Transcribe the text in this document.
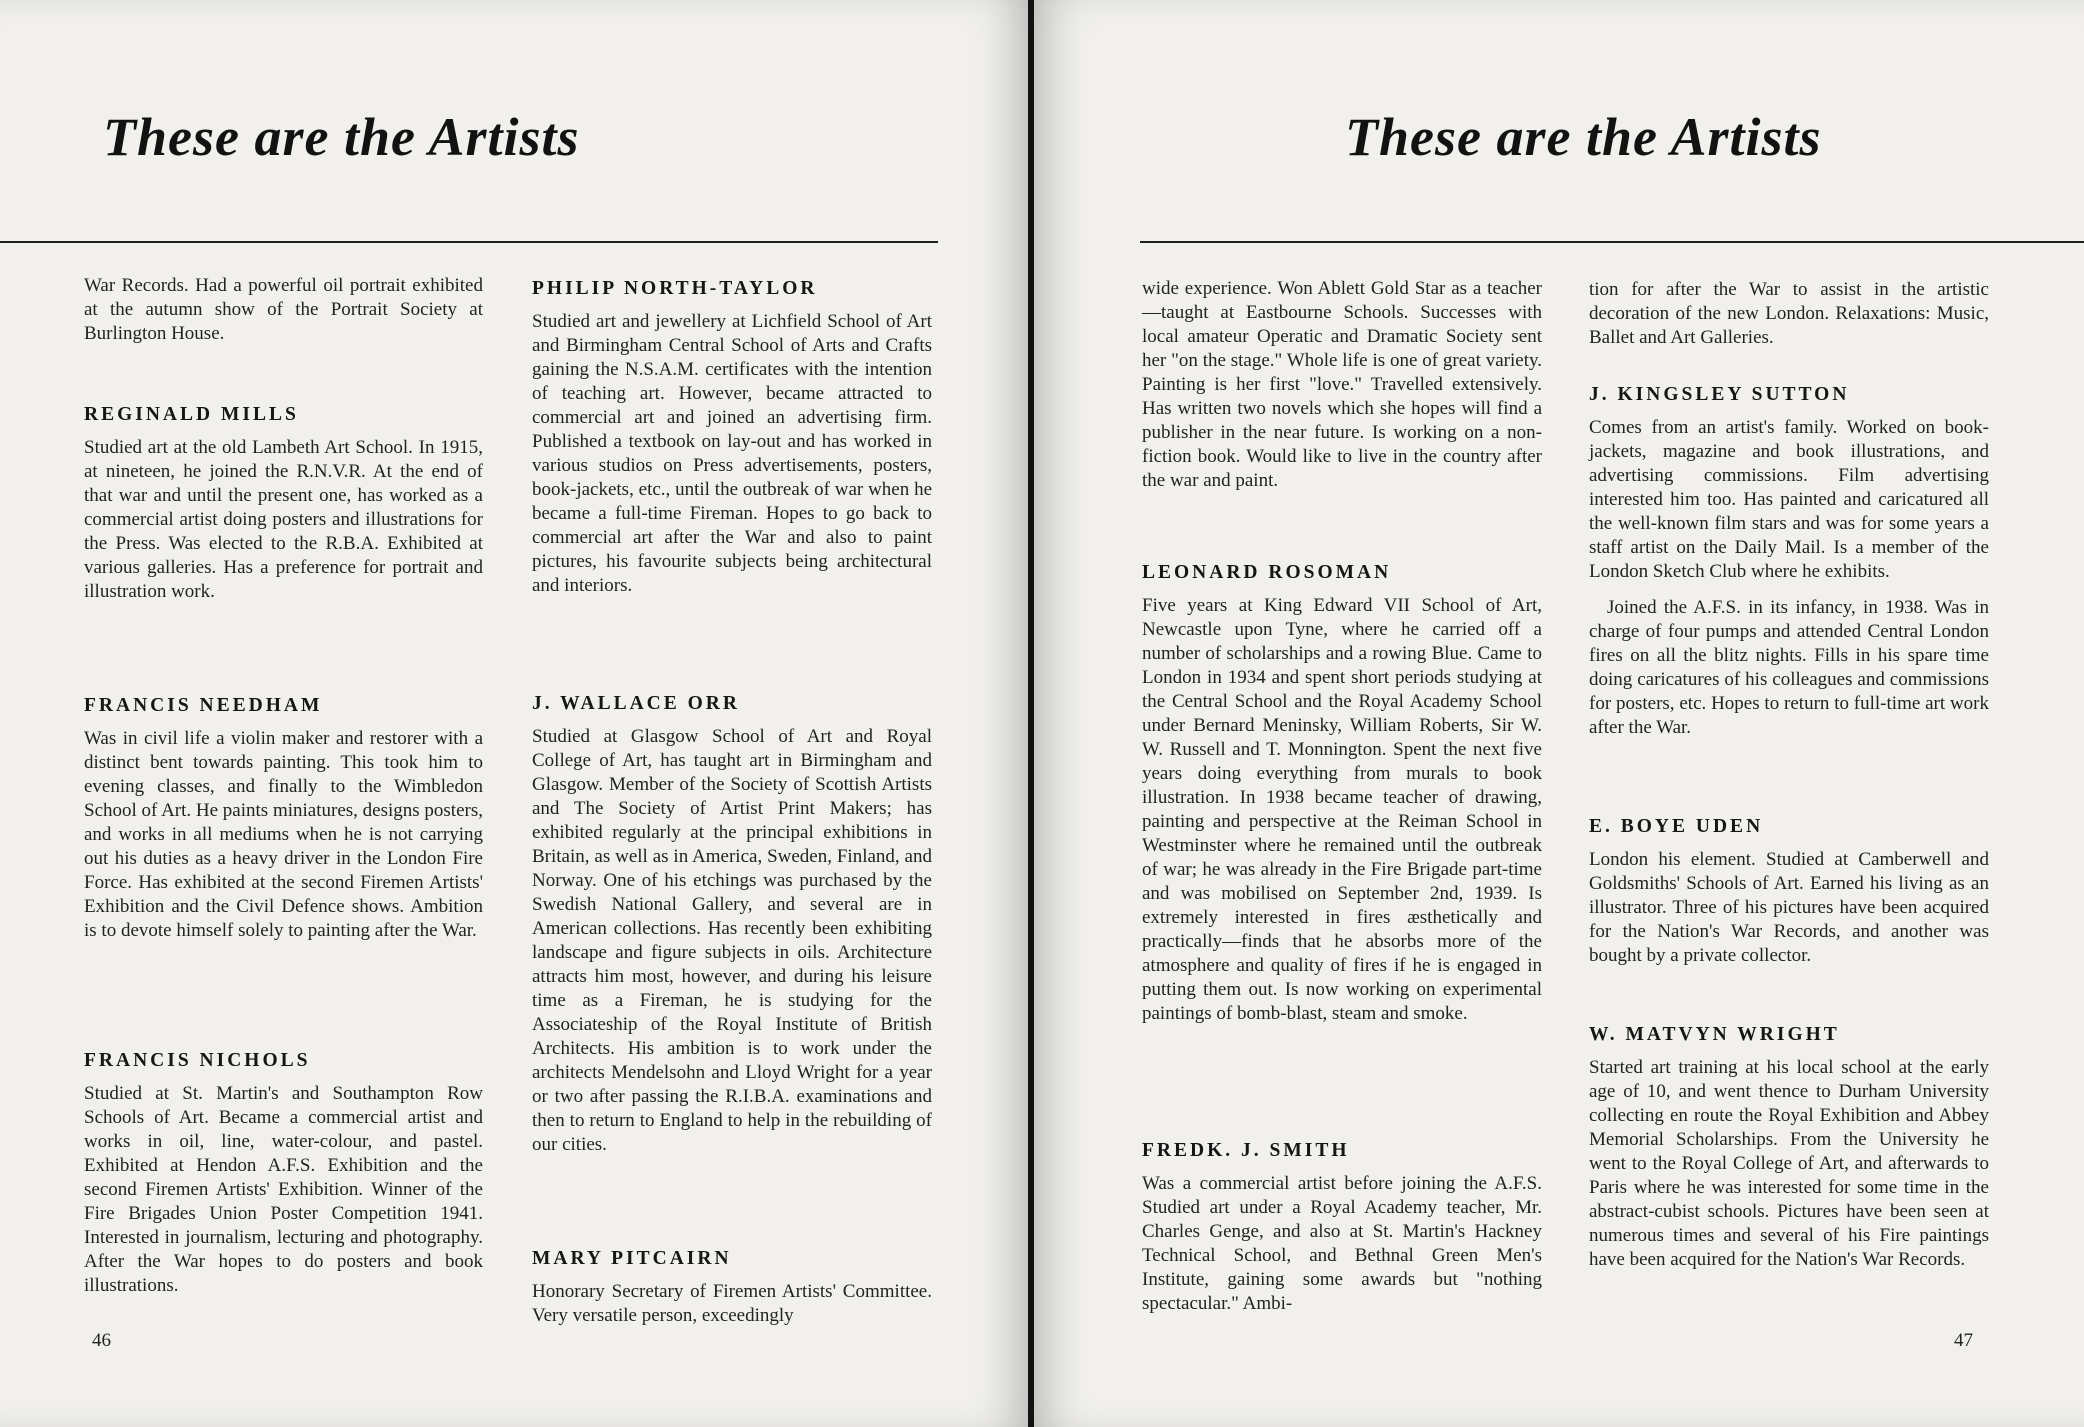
These are the Artists

War Records. Had a powerful oil portrait exhibited at the autumn show of the Portrait Society at Burlington House.

REGINALD MILLS

Studied art at the old Lambeth Art School. In 1915, at nineteen, he joined the R.N.V.R. At the end of that war and until the present one, has worked as a commercial artist doing posters and illustrations for the Press. Was elected to the R.B.A. Exhibited at various galleries. Has a preference for portrait and illustration work.

FRANCIS NEEDHAM

Was in civil life a violin maker and restorer with a distinct bent towards painting. This took him to evening classes, and finally to the Wimbledon School of Art. He paints miniatures, designs posters, and works in all mediums when he is not carrying out his duties as a heavy driver in the London Fire Force. Has exhibited at the second Firemen Artists' Exhibition and the Civil Defence shows. Ambition is to devote himself solely to painting after the War.

FRANCIS NICHOLS

Studied at St. Martin's and Southampton Row Schools of Art. Became a commercial artist and works in oil, line, water-colour, and pastel. Exhibited at Hendon A.F.S. Exhibition and the second Firemen Artists' Exhibition. Winner of the Fire Brigades Union Poster Competition 1941. Interested in journalism, lecturing and photography. After the War hopes to do posters and book illustrations.

PHILIP NORTH-TAYLOR

Studied art and jewellery at Lichfield School of Art and Birmingham Central School of Arts and Crafts gaining the N.S.A.M. certificates with the intention of teaching art. However, became attracted to commercial art and joined an advertising firm. Published a textbook on lay-out and has worked in various studios on Press advertisements, posters, book-jackets, etc., until the outbreak of war when he became a full-time Fireman. Hopes to go back to commercial art after the War and also to paint pictures, his favourite subjects being architectural and interiors.

J. WALLACE ORR

Studied at Glasgow School of Art and Royal College of Art, has taught art in Birmingham and Glasgow. Member of the Society of Scottish Artists and The Society of Artist Print Makers; has exhibited regularly at the principal exhibitions in Britain, as well as in America, Sweden, Finland, and Norway. One of his etchings was purchased by the Swedish National Gallery, and several are in American collections. Has recently been exhibiting landscape and figure subjects in oils. Architecture attracts him most, however, and during his leisure time as a Fireman, he is studying for the Associateship of the Royal Institute of British Architects. His ambition is to work under the architects Mendelsohn and Lloyd Wright for a year or two after passing the R.I.B.A. examinations and then to return to England to help in the rebuilding of our cities.

MARY PITCAIRN

Honorary Secretary of Firemen Artists' Committee. Very versatile person, exceedingly

46
These are the Artists

wide experience. Won Ablett Gold Star as a teacher—taught at Eastbourne Schools. Successes with local amateur Operatic and Dramatic Society sent her "on the stage." Whole life is one of great variety. Painting is her first "love." Travelled extensively. Has written two novels which she hopes will find a publisher in the near future. Is working on a non-fiction book. Would like to live in the country after the war and paint.

LEONARD ROSOMAN

Five years at King Edward VII School of Art, Newcastle upon Tyne, where he carried off a number of scholarships and a rowing Blue. Came to London in 1934 and spent short periods studying at the Central School and the Royal Academy School under Bernard Meninsky, William Roberts, Sir W. W. Russell and T. Monnington. Spent the next five years doing everything from murals to book illustration. In 1938 became teacher of drawing, painting and perspective at the Reiman School in Westminster where he remained until the outbreak of war; he was already in the Fire Brigade part-time and was mobilised on September 2nd, 1939. Is extremely interested in fires æsthetically and practically—finds that he absorbs more of the atmosphere and quality of fires if he is engaged in putting them out. Is now working on experimental paintings of bomb-blast, steam and smoke.

FREDK. J. SMITH

Was a commercial artist before joining the A.F.S. Studied art under a Royal Academy teacher, Mr. Charles Genge, and also at St. Martin's Hackney Technical School, and Bethnal Green Men's Institute, gaining some awards but "nothing spectacular." Ambi-

tion for after the War to assist in the artistic decoration of the new London. Relaxations: Music, Ballet and Art Galleries.

J. KINGSLEY SUTTON

Comes from an artist's family. Worked on book-jackets, magazine and book illustrations, and advertising commissions. Film advertising interested him too. Has painted and caricatured all the well-known film stars and was for some years a staff artist on the Daily Mail. Is a member of the London Sketch Club where he exhibits.

Joined the A.F.S. in its infancy, in 1938. Was in charge of four pumps and attended Central London fires on all the blitz nights. Fills in his spare time doing caricatures of his colleagues and commissions for posters, etc. Hopes to return to full-time art work after the War.

E. BOYE UDEN

London his element. Studied at Camberwell and Goldsmiths' Schools of Art. Earned his living as an illustrator. Three of his pictures have been acquired for the Nation's War Records, and another was bought by a private collector.

W. MATVYN WRIGHT

Started art training at his local school at the early age of 10, and went thence to Durham University collecting en route the Royal Exhibition and Abbey Memorial Scholarships. From the University he went to the Royal College of Art, and afterwards to Paris where he was interested for some time in the abstract-cubist schools. Pictures have been seen at numerous times and several of his Fire paintings have been acquired for the Nation's War Records.

47
